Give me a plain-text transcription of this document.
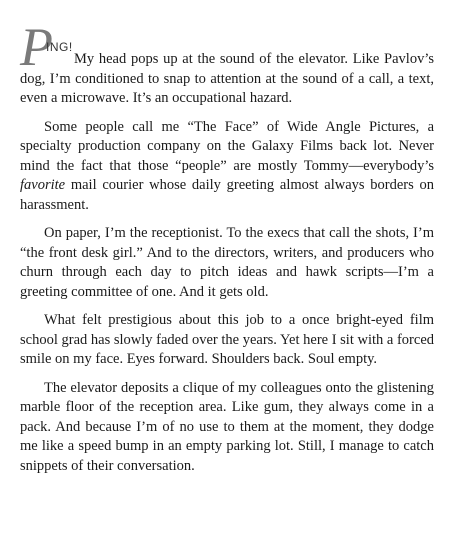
P
ING!

My head pops up at the sound of the elevator. Like Pavlov’s dog, I’m conditioned to snap to attention at the sound of a call, a text, even a microwave. It’s an occupational hazard.

Some people call me “The Face” of Wide Angle Pictures, a specialty production company on the Galaxy Films back lot. Never mind the fact that those “people” are mostly Tommy—everybody’s favorite mail courier whose daily greeting almost always borders on harassment.

On paper, I’m the receptionist. To the execs that call the shots, I’m “the front desk girl.” And to the directors, writers, and producers who churn through each day to pitch ideas and hawk scripts—I’m a greeting committee of one. And it gets old.

What felt prestigious about this job to a once bright-eyed film school grad has slowly faded over the years. Yet here I sit with a forced smile on my face. Eyes forward. Shoulders back. Soul empty.

The elevator deposits a clique of my colleagues onto the glistening marble floor of the reception area. Like gum, they always come in a pack. And because I’m of no use to them at the moment, they dodge me like a speed bump in an empty parking lot. Still, I manage to catch snippets of their conversation.
